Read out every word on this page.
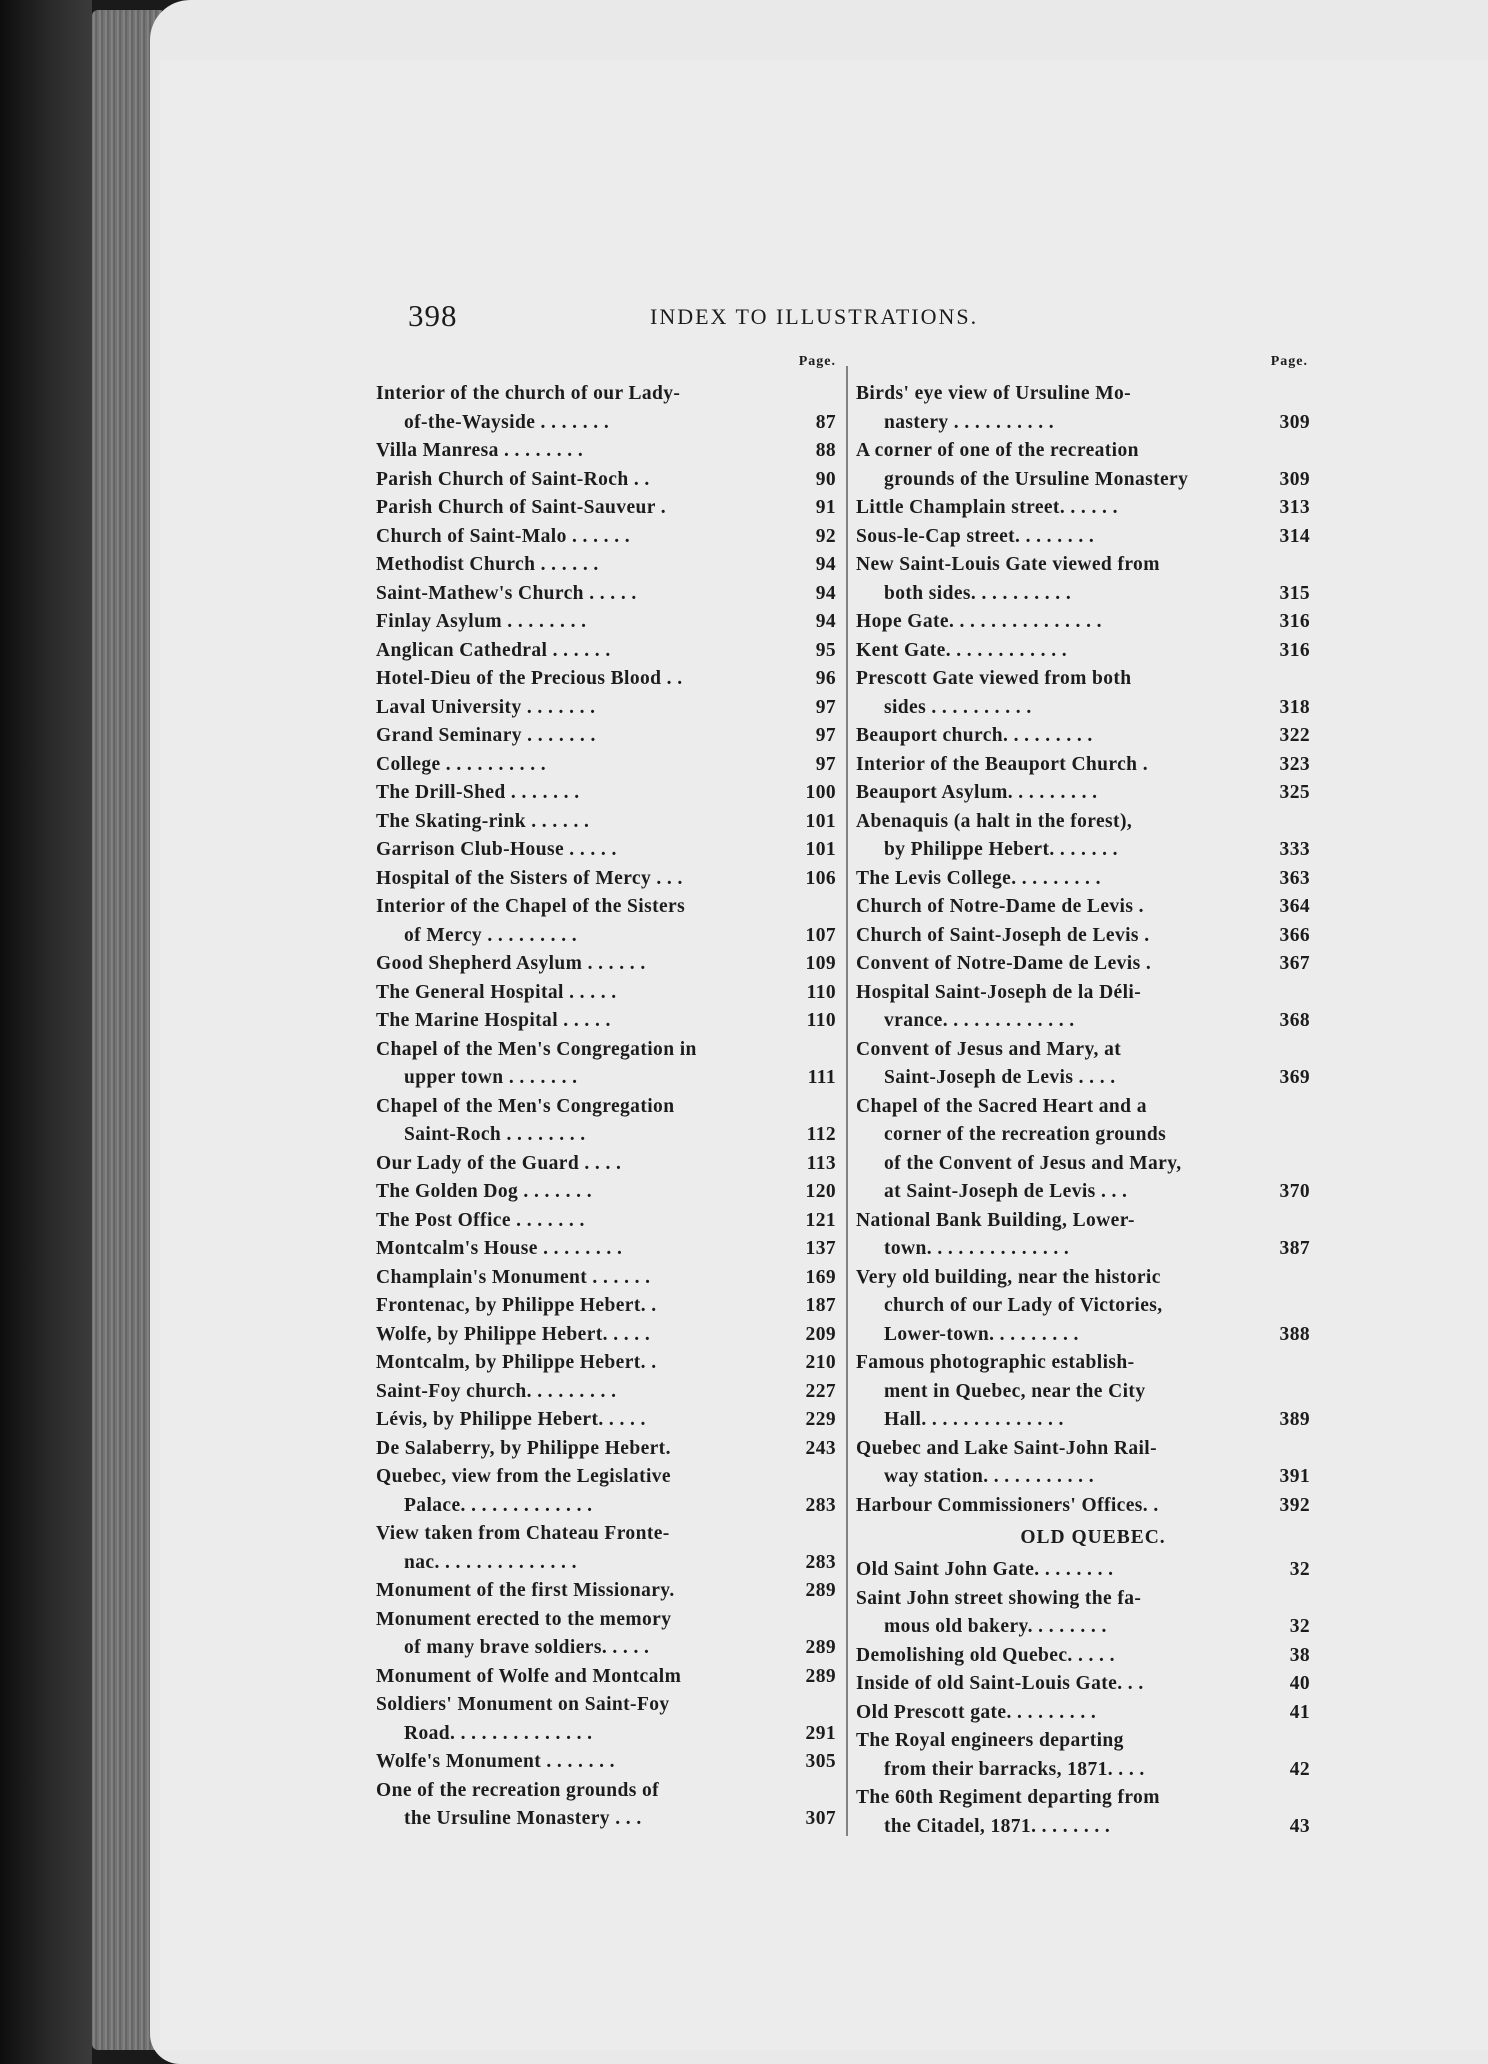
398	INDEX TO ILLUSTRATIONS.
Page.
Interior of the church of our Lady-
of-the-Wayside . . . . . . .	87
Villa Manresa . . . . . . . .	88
Parish Church of Saint-Roch . .	90
Parish Church of Saint-Sauveur .	91
Church of Saint-Malo . . . . . .	92
Methodist Church . . . . . .	94
Saint-Mathew's Church . . . . .	94
Finlay Asylum . . . . . . . .	94
Anglican Cathedral . . . . . .	95
Hotel-Dieu of the Precious Blood . .	96
Laval University . . . . . . .	97
Grand Seminary . . . . . . .	97
College . . . . . . . . . .	97
The Drill-Shed . . . . . . .	100
The Skating-rink . . . . . .	101
Garrison Club-House . . . . .	101
Hospital of the Sisters of Mercy . . .	106
Interior of the Chapel of the Sisters
of Mercy . . . . . . . . .	107
Good Shepherd Asylum . . . . . .	109
The General Hospital . . . . .	110
The Marine Hospital . . . . .	110
Chapel of the Men's Congregation in
upper town . . . . . . .	111
Chapel of the Men's Congregation
Saint-Roch . . . . . . . .	112
Our Lady of the Guard . . . .	113
The Golden Dog . . . . . . .	120
The Post Office . . . . . . .	121
Montcalm's House . . . . . . . .	137
Champlain's Monument . . . . . .	169
Frontenac, by Philippe Hebert. .	187
Wolfe, by Philippe Hebert. . . . .	209
Montcalm, by Philippe Hebert. .	210
Saint-Foy church. . . . . . . . .	227
Lévis, by Philippe Hebert. . . . .	229
De Salaberry, by Philippe Hebert.	243
Quebec, view from the Legislative
Palace. . . . . . . . . . . . .	283
View taken from Chateau Fronte-
nac. . . . . . . . . . . . . .	283
Monument of the first Missionary.	289
Monument erected to the memory
of many brave soldiers. . . . .	289
Monument of Wolfe and Montcalm	289
Soldiers' Monument on Saint-Foy
Road. . . . . . . . . . . . . .	291
Wolfe's Monument . . . . . . .	305
One of the recreation grounds of
the Ursuline Monastery . . .	307
Page.
Birds' eye view of Ursuline Mo-
nastery . . . . . . . . . .	309
A corner of one of the recreation
grounds of the Ursuline Monastery	309
Little Champlain street. . . . . .	313
Sous-le-Cap street. . . . . . . .	314
New Saint-Louis Gate viewed from
both sides. . . . . . . . . .	315
Hope Gate. . . . . . . . . . . . . . .	316
Kent Gate. . . . . . . . . . . .	316
Prescott Gate viewed from both
sides . . . . . . . . . .	318
Beauport church. . . . . . . . .	322
Interior of the Beauport Church .	323
Beauport Asylum. . . . . . . . .	325
Abenaquis (a halt in the forest),
by Philippe Hebert. . . . . . .	333
The Levis College. . . . . . . . .	363
Church of Notre-Dame de Levis .	364
Church of Saint-Joseph de Levis .	366
Convent of Notre-Dame de Levis .	367
Hospital Saint-Joseph de la Déli-
vrance. . . . . . . . . . . . .	368
Convent of Jesus and Mary, at
Saint-Joseph de Levis . . . .	369
Chapel of the Sacred Heart and a
corner of the recreation grounds
of the Convent of Jesus and Mary,
at Saint-Joseph de Levis . . .	370
National Bank Building, Lower-
town. . . . . . . . . . . . . .	387
Very old building, near the historic
church of our Lady of Victories,
Lower-town. . . . . . . . .	388
Famous photographic establish-
ment in Quebec, near the City
Hall. . . . . . . . . . . . . .	389
Quebec and Lake Saint-John Rail-
way station. . . . . . . . . . .	391
Harbour Commissioners' Offices. .	392
OLD QUEBEC.
Old Saint John Gate. . . . . . . .	32
Saint John street showing the fa-
mous old bakery. . . . . . . .	32
Demolishing old Quebec. . . . .	38
Inside of old Saint-Louis Gate. . .	40
Old Prescott gate. . . . . . . . .	41
The Royal engineers departing
from their barracks, 1871. . . .	42
The 60th Regiment departing from
the Citadel, 1871. . . . . . . .	43
